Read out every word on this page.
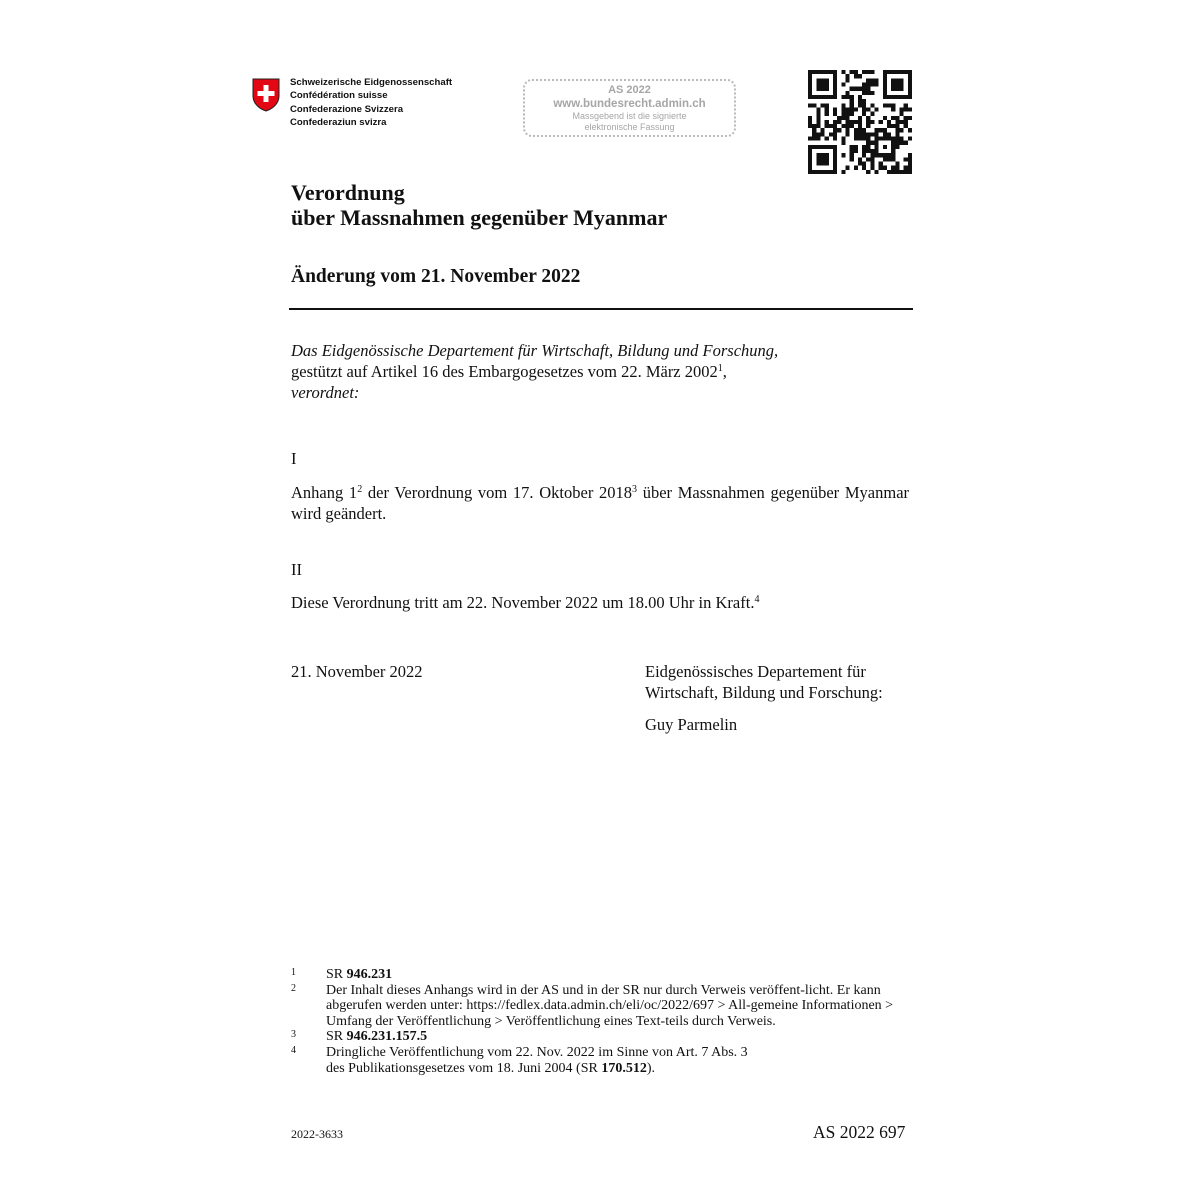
Schweizerische Eidgenossenschaft
Confédération suisse
Confederazione Svizzera
Confederaziun svizra
AS 2022
www.bundesrecht.admin.ch
Massgebend ist die signierte
elektronische Fassung
Verordnung
über Massnahmen gegenüber Myanmar
Änderung vom 21. November 2022
Das Eidgenössische Departement für Wirtschaft, Bildung und Forschung,
gestützt auf Artikel 16 des Embargogesetzes vom 22. März 2002$^1$,
verordnet:
I
Anhang $1^2$ der Verordnung vom 17. Oktober 2018$^3$ über Massnahmen gegenüber Myanmar wird geändert.
II
Diese Verordnung tritt am 22. November 2022 um 18.00 Uhr in Kraft.$^4$
21. November 2022	Eidgenössisches Departement für
Wirtschaft, Bildung und Forschung:
Guy Parmelin
1	SR 946.231
2	Der Inhalt dieses Anhangs wird in der AS und in der SR nur durch Verweis veröffent-licht. Er kann abgerufen werden unter: https://fedlex.data.admin.ch/eli/oc/2022/697 > All-gemeine Informationen > Umfang der Veröffentlichung > Veröffentlichung eines Text-teils durch Verweis.
3	SR 946.231.157.5
4	Dringliche Veröffentlichung vom 22. Nov. 2022 im Sinne von Art. 7 Abs. 3
des Publikationsgesetzes vom 18. Juni 2004 (SR 170.512).
2022-3633	AS 2022 697
